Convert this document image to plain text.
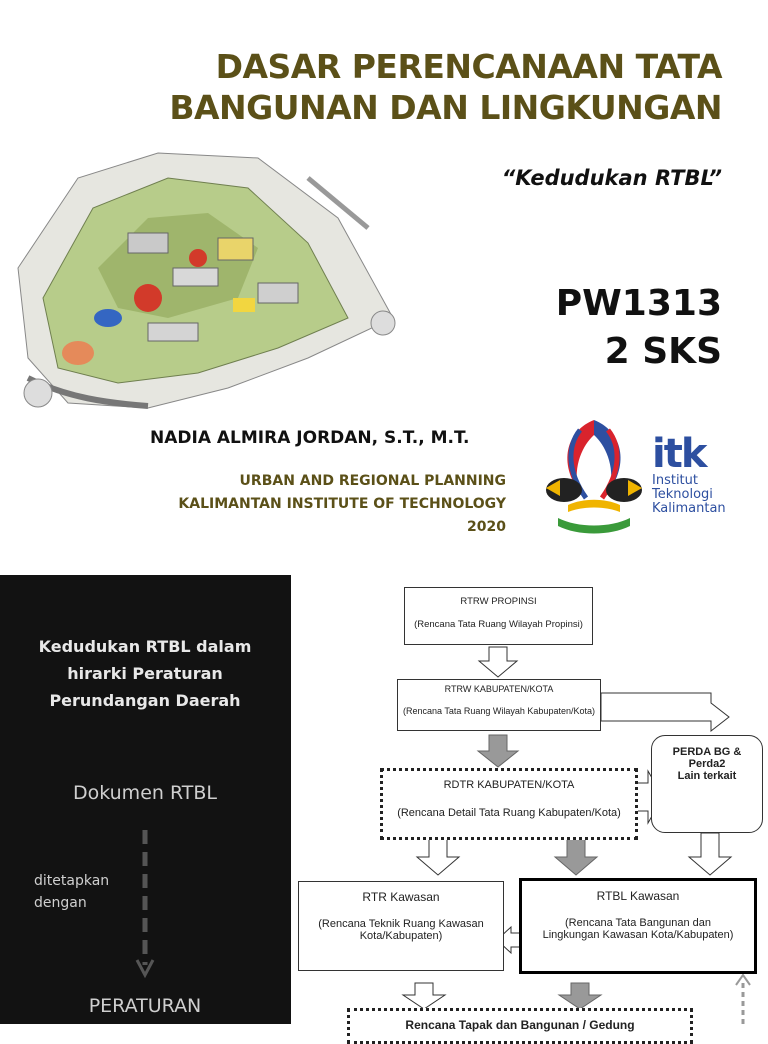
DASAR PERENCANAAN TATA
BANGUNAN DAN LINGKUNGAN
“Kedudukan RTBL”
PW1313
2 SKS
NADIA ALMIRA JORDAN, S.T., M.T.
URBAN AND REGIONAL PLANNING
KALIMANTAN INSTITUTE OF TECHNOLOGY
2020
itk
Institut
Teknologi
Kalimantan
Kedudukan RTBL dalam
hirarki Peraturan
Perundangan Daerah
Dokumen RTBL
ditetapkan
dengan
PERATURAN
RTRW PROPINSI
(Rencana Tata Ruang Wilayah Propinsi)
RTRW KABUPATEN/KOTA
(Rencana Tata Ruang Wilayah Kabupaten/Kota)
RDTR KABUPATEN/KOTA
(Rencana Detail Tata Ruang Kabupaten/Kota)
PERDA BG &
Perda2
Lain terkait
RTR Kawasan
(Rencana Teknik Ruang Kawasan
Kota/Kabupaten)
RTBL Kawasan
(Rencana Tata Bangunan dan
Lingkungan Kawasan Kota/Kabupaten)
Rencana Tapak dan Bangunan / Gedung
